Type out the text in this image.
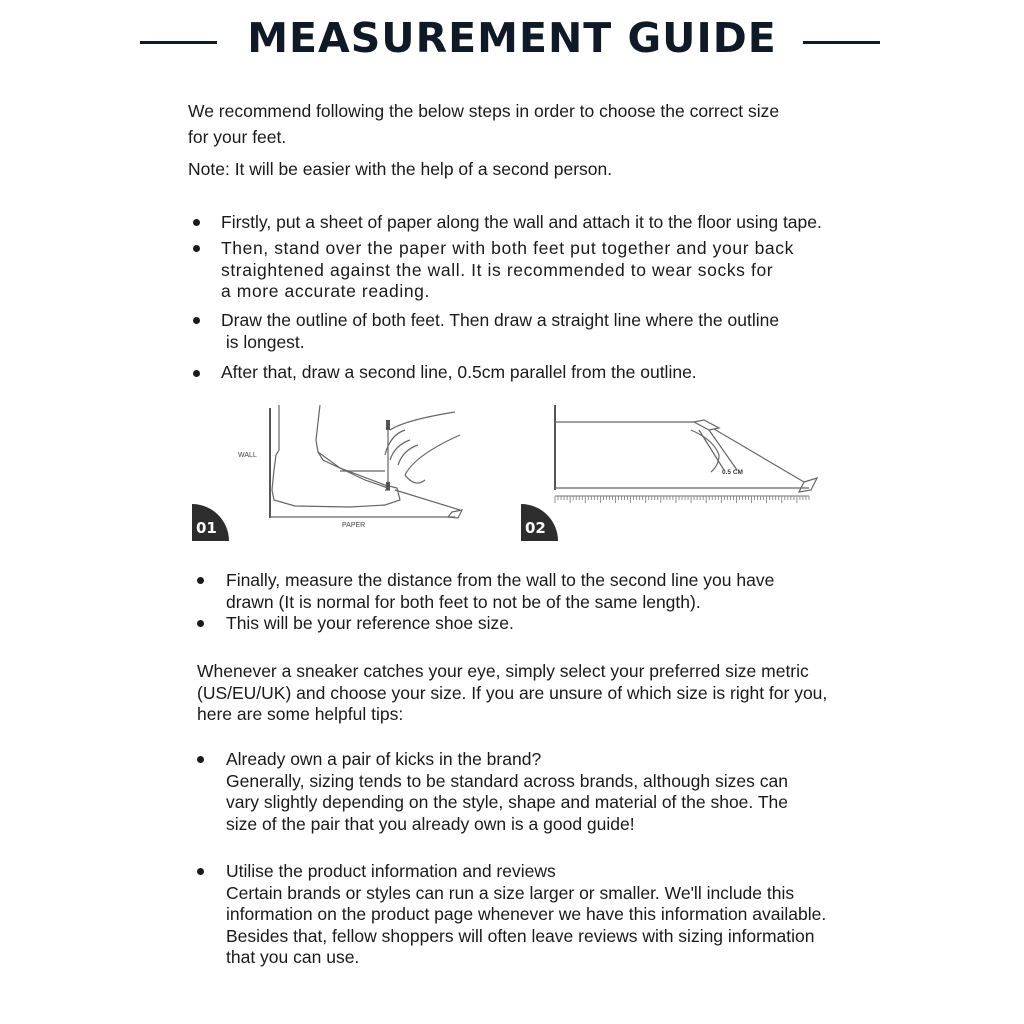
MEASUREMENT GUIDE

We recommend following the below steps in order to choose the correct size

for your feet.

Note: It will be easier with the help of a second person.

Firstly, put a sheet of paper along the wall and attach it to the floor using tape.
Then, stand over the paper with both feet put together and your back
straightened against the wall. It is recommended to wear socks for
a more accurate reading.
Draw the outline of both feet. Then draw a straight line where the outline
is longest.
After that, draw a second line, 0.5cm parallel from the outline.
WALL
PAPER
01
0.5 CM
02
Finally, measure the distance from the wall to the second line you have
drawn (It is normal for both feet to not be of the same length).
This will be your reference shoe size.
Whenever a sneaker catches your eye, simply select your preferred size metric
(US/EU/UK) and choose your size. If you are unsure of which size is right for you,
here are some helpful tips:
Already own a pair of kicks in the brand?
Generally, sizing tends to be standard across brands, although sizes can
vary slightly depending on the style, shape and material of the shoe. The
size of the pair that you already own is a good guide!
Utilise the product information and reviews
Certain brands or styles can run a size larger or smaller. We'll include this
information on the product page whenever we have this information available.
Besides that, fellow shoppers will often leave reviews with sizing information
that you can use.
